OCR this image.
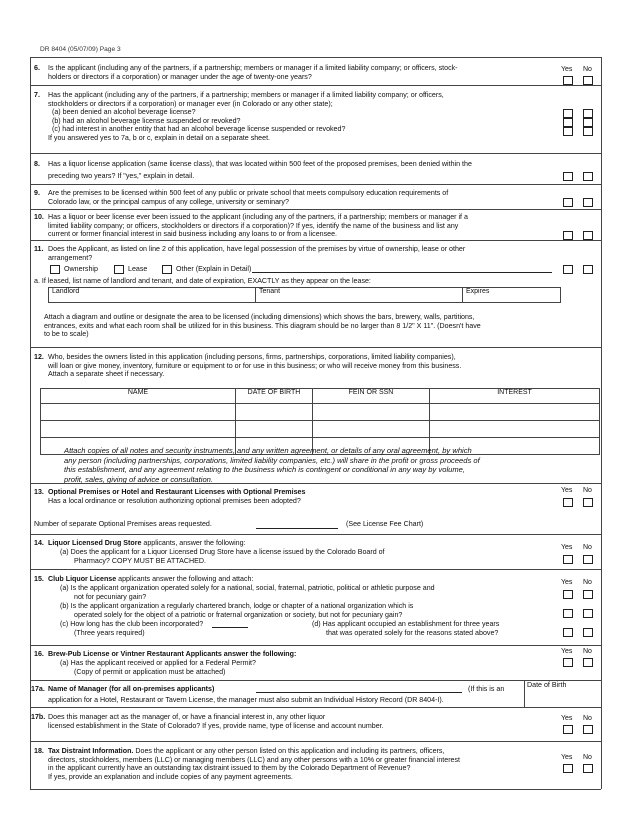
DR 8404 (05/07/09) Page 3
6. Is the applicant (including any of the partners, if a partnership; members or manager if a limited liability company; or officers, stock-
holders or directors if a corporation) or manager under the age of twenty-one years?
Yes No
7. Has the applicant (including any of the partners, if a partnership; members or manager if a limited liability company; or officers,
stockholders or directors if a corporation) or manager ever (in Colorado or any other state);
(a) been denied an alcohol beverage license?
(b) had an alcohol beverage license suspended or revoked?
(c) had interest in another entity that had an alcohol beverage license suspended or revoked?
If you answered yes to 7a, b or c, explain in detail on a separate sheet.
8. Has a liquor license application (same license class), that was located within 500 feet of the proposed premises, been denied within the
preceding two years? If "yes," explain in detail.
9. Are the premises to be licensed within 500 feet of any public or private school that meets compulsory education requirements of
Colorado law, or the principal campus of any college, university or seminary?
10. Has a liquor or beer license ever been issued to the applicant (including any of the partners, if a partnership; members or manager if a
limited liability company; or officers, stockholders or directors if a corporation)? If yes, identify the name of the business and list any
current or former financial interest in said business including any loans to or from a licensee.
11. Does the Applicant, as listed on line 2 of this application, have legal possession of the premises by virtue of ownership, lease or other
arrangement?
Ownership	Lease	Other (Explain in Detail)
a. If leased, list name of landlord and tenant, and date of expiration, EXACTLY as they appear on the lease:
Landlord	Tenant	Expires
Attach a diagram and outline or designate the area to be licensed (including dimensions) which shows the bars, brewery, walls, partitions,
entrances, exits and what each room shall be utilized for in this business. This diagram should be no larger than 8 1/2" X 11". (Doesn't have
to be to scale)
12. Who, besides the owners listed in this application (including persons, firms, partnerships, corporations, limited liability companies),
will loan or give money, inventory, furniture or equipment to or for use in this business; or who will receive money from this business.
Attach a separate sheet if necessary.
NAME	DATE OF BIRTH	FEIN OR SSN	INTEREST

Attach copies of all notes and security instruments, and any written agreement, or details of any oral agreement, by which
any person (including partnerships, corporations, limited liability companies, etc.) will share in the profit or gross proceeds of
this establishment, and any agreement relating to the business which is contingent or conditional in any way by volume,
profit, sales, giving of advice or consultation.
13. Optional Premises or Hotel and Restaurant Licenses with Optional Premises
Has a local ordinance or resolution authorizing optional premises been adopted?
Yes No
Number of separate Optional Premises areas requested.	(See License Fee Chart)
14. Liquor Licensed Drug Store applicants, answer the following:
(a) Does the applicant for a Liquor Licensed Drug Store have a license issued by the Colorado Board of
Pharmacy? COPY MUST BE ATTACHED.
Yes No
15. Club Liquor License applicants answer the following and attach:
(a) Is the applicant organization operated solely for a national, social, fraternal, patriotic, political or athletic purpose and
not for pecuniary gain?
(b) Is the applicant organization a regularly chartered branch, lodge or chapter of a national organization which is
operated solely for the object of a patriotic or fraternal organization or society, but not for pecuniary gain?
(c) How long has the club been incorporated?
(Three years required)
(d) Has applicant occupied an establishment for three years
that was operated solely for the reasons stated above?
Yes No
16. Brew-Pub License or Vintner Restaurant Applicants answer the following:
(a) Has the applicant received or applied for a Federal Permit?
(Copy of permit or application must be attached)
Yes No
17a. Name of Manager (for all on-premises applicants)	(If this is an	Date of Birth
application for a Hotel, Restaurant or Tavern License, the manager must also submit an Individual History Record (DR 8404-I).
17b. Does this manager act as the manager of, or have a financial interest in, any other liquor
licensed establishment in the State of Colorado? If yes, provide name, type of license and account number.
Yes No
18. Tax Distraint Information. Does the applicant or any other person listed on this application and including its partners, officers,
directors, stockholders, members (LLC) or managing members (LLC) and any other persons with a 10% or greater financial interest
in the applicant currently have an outstanding tax distraint issued to them by the Colorado Department of Revenue?
If yes, provide an explanation and include copies of any payment agreements.
Yes No
